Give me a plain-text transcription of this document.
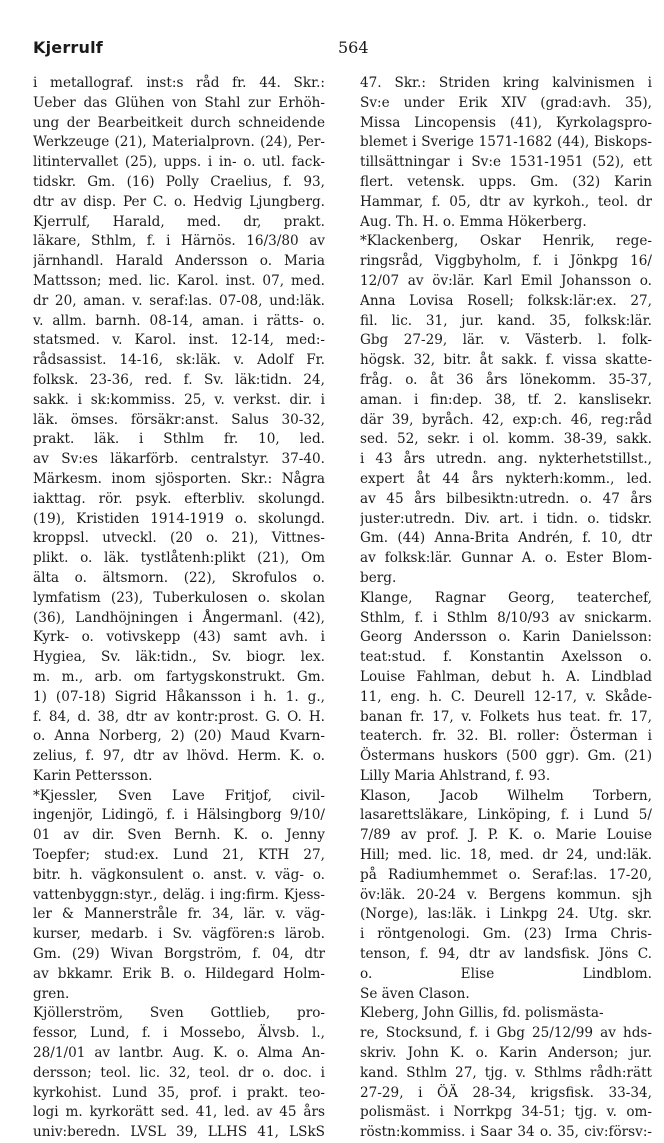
Kjerrulf	564
i metallograf. inst:s råd fr. 44. Skr.:
Ueber das Glühen von Stahl zur Erhöh-
ung der Bearbeitkeit durch schneidende
Werkzeuge (21), Materialprovn. (24), Per-
litintervallet (25), upps. i in- o. utl. fack-
tidskr. Gm. (16) Polly Craelius, f. 93,
dtr av disp. Per C. o. Hedvig Ljungberg.
Kjerrulf, Harald, med. dr, prakt.
läkare, Sthlm, f. i Härnös. 16/3/80 av
järnhandl. Harald Andersson o. Maria
Mattsson; med. lic. Karol. inst. 07, med.
dr 20, aman. v. seraf:las. 07-08, und:läk.
v. allm. barnh. 08-14, aman. i rätts- o.
statsmed. v. Karol. inst. 12-14, med:-
rådsassist. 14-16, sk:läk. v. Adolf Fr.
folksk. 23-36, red. f. Sv. läk:tidn. 24,
sakk. i sk:kommiss. 25, v. verkst. dir. i
läk. ömses. försäkr:anst. Salus 30-32,
prakt. läk. i Sthlm fr. 10, led.
av Sv:es läkarförb. centralstyr. 37-40.
Märkesm. inom sjösporten. Skr.: Några
iakttag. rör. psyk. efterbliv. skolungd.
(19), Kristiden 1914-1919 o. skolungd.
kroppsl. utveckl. (20 o. 21), Vittnes-
plikt. o. läk. tystlåtenh:plikt (21), Om
älta o. ältsmorn. (22), Skrofulos o.
lymfatism (23), Tuberkulosen o. skolan
(36), Landhöjningen i Ångermanl. (42),
Kyrk- o. votivskepp (43) samt avh. i
Hygiea, Sv. läk:tidn., Sv. biogr. lex.
m. m., arb. om fartygskonstrukt. Gm.
1) (07-18) Sigrid Håkansson i h. 1. g.,
f. 84, d. 38, dtr av kontr:prost. G. O. H.
o. Anna Norberg, 2) (20) Maud Kvarn-
zelius, f. 97, dtr av lhövd. Herm. K. o.
Karin Pettersson.
*Kjessler, Sven Lave Fritjof, civil-
ingenjör, Lidingö, f. i Hälsingborg 9/10/
01 av dir. Sven Bernh. K. o. Jenny
Toepfer; stud:ex. Lund 21, KTH 27,
bitr. h. vägkonsulent o. anst. v. väg- o.
vattenbyggn:styr., deläg. i ing:firm. Kjess-
ler & Mannerstråle fr. 34, lär. v. väg-
kurser, medarb. i Sv. vägfören:s lärob.
Gm. (29) Wivan Borgström, f. 04, dtr
av bkkamr. Erik B. o. Hildegard Holm-
gren.
Kjöllerström, Sven Gottlieb, pro-
fessor, Lund, f. i Mossebo, Älvsb. l.,
28/1/01 av lantbr. Aug. K. o. Alma An-
dersson; teol. lic. 32, teol. dr o. doc. i
kyrkohist. Lund 35, prof. i prakt. teo-
logi m. kyrkorätt sed. 41, led. av 45 års
univ:beredn. LVSL 39, LLHS 41, LSkS
47. Skr.: Striden kring kalvinismen i
Sv:e under Erik XIV (grad:avh. 35),
Missa Lincopensis (41), Kyrkolagspro-
blemet i Sverige 1571-1682 (44), Biskops-
tillsättningar i Sv:e 1531-1951 (52), ett
flert. vetensk. upps. Gm. (32) Karin
Hammar, f. 05, dtr av kyrkoh., teol. dr
Aug. Th. H. o. Emma Hökerberg.
*Klackenberg, Oskar Henrik, rege-
ringsråd, Viggbyholm, f. i Jönkpg 16/
12/07 av öv:lär. Karl Emil Johansson o.
Anna Lovisa Rosell; folksk:lär:ex. 27,
fil. lic. 31, jur. kand. 35, folksk:lär.
Gbg 27-29, lär. v. Västerb. l. folk-
högsk. 32, bitr. åt sakk. f. vissa skatte-
fråg. o. åt 36 års lönekomm. 35-37,
aman. i fin:dep. 38, tf. 2. kanslisekr.
där 39, byråch. 42, exp:ch. 46, reg:råd
sed. 52, sekr. i ol. komm. 38-39, sakk.
i 43 års utredn. ang. nykterhetstillst.,
expert åt 44 års nykterh:komm., led.
av 45 års bilbesiktn:utredn. o. 47 års
juster:utredn. Div. art. i tidn. o. tidskr.
Gm. (44) Anna-Brita Andrén, f. 10, dtr
av folksk:lär. Gunnar A. o. Ester Blom-
berg.
Klange, Ragnar Georg, teaterchef,
Sthlm, f. i Sthlm 8/10/93 av snickarm.
Georg Andersson o. Karin Danielsson:
teat:stud. f. Konstantin Axelsson o.
Louise Fahlman, debut h. A. Lindblad
11, eng. h. C. Deurell 12-17, v. Skåde-
banan fr. 17, v. Folkets hus teat. fr. 17,
teaterch. fr. 32. Bl. roller: Österman i
Östermans huskors (500 ggr). Gm. (21)
Lilly Maria Ahlstrand, f. 93.
Klason, Jacob Wilhelm Torbern,
lasarettsläkare, Linköping, f. i Lund 5/
7/89 av prof. J. P. K. o. Marie Louise
Hill; med. lic. 18, med. dr 24, und:läk.
på Radiumhemmet o. Seraf:las. 17-20,
öv:läk. 20-24 v. Bergens kommun. sjh
(Norge), las:läk. i Linkpg 24. Utg. skr.
i röntgenologi. Gm. (23) Irma Chris-
tenson, f. 94, dtr av landsfisk. Jöns C.
o. Elise Lindblom.
Se även Clason.
Kleberg, John Gillis, fd. polismästa-
re, Stocksund, f. i Gbg 25/12/99 av hds-
skriv. John K. o. Karin Anderson; jur.
kand. Sthlm 27, tjg. v. Sthlms rådh:rätt
27-29, i ÖÄ 28-34, krigsfisk. 33-34,
polismäst. i Norrkpg 34-51; tjg. v. om-
röstn:kommiss. i Saar 34 o. 35, civ:försv:-
